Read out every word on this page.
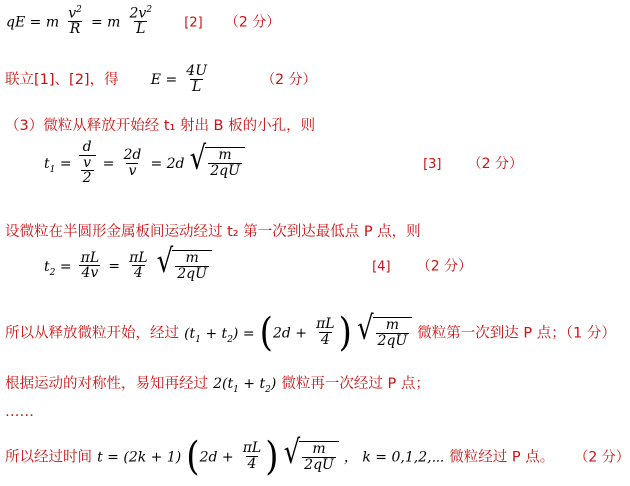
qE = m $\frac{v^2}{R} = m \frac{2v^2}{L} [2]$ （2 分）
联立[1]、[2]，得 $E = \frac{4U}{L}$	（2 分）
（3）微粒从释放开始经 t₁ 射出 B 板的小孔，则
$t_1 = \frac{d}{\frac{v}{2}} = \frac{2d}{v} = 2d$ √ $\frac{m}{2qU}$	[3] （2 分）
设微粒在半圆形金属板间运动经过 t₂ 第一次到达最低点 P 点，则
$t_2 = \frac{\pi L}{4v} = \frac{\pi L}{4}$
√ $\frac{m}{2qU}$	[4] （2 分）
所以从释放微粒开始，经过 $(t_1 + t_2) = (2d + \frac{\pi L}{4}$ ) √ $\frac{m}{2qU}$ 微粒第一次到达 P 点；（1 分）
根据运动的对称性，易知再经过 $2(t_1 + t_2)$ 微粒再一次经过 P 点；
……
所以经过时间 t = (2k + 1) ($2d + \frac{\pi L}{4}$ ) √ $\frac{m}{2qU}$ ， k = 0,1,2,⋯ 微粒经过 P 点。 （2 分）
